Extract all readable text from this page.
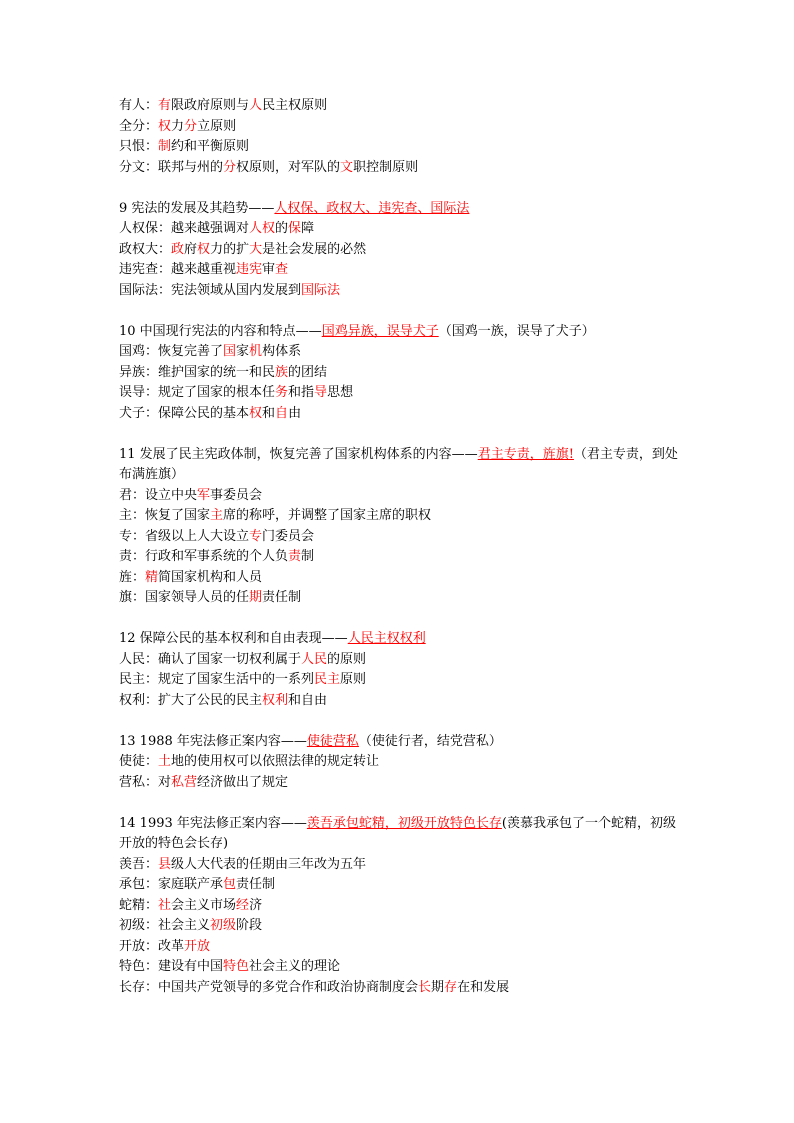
有人：有限政府原则与人民主权原则
全分：权力分立原则
只恨：制约和平衡原则
分文：联邦与州的分权原则，对军队的文职控制原则
9 宪法的发展及其趋势——人权保、政权大、违宪查、国际法
人权保：越来越强调对人权的保障
政权大：政府权力的扩大是社会发展的必然
违宪查：越来越重视违宪审查
国际法：宪法领域从国内发展到国际法
10 中国现行宪法的内容和特点——国鸡异族，误导犬子（国鸡一族，误导了犬子）
国鸡：恢复完善了国家机构体系
异族：维护国家的统一和民族的团结
误导：规定了国家的根本任务和指导思想
犬子：保障公民的基本权和自由
11 发展了民主宪政体制，恢复完善了国家机构体系的内容——君主专责，旌旗!（君主专责，到处布满旌旗）
君：设立中央军事委员会
主：恢复了国家主席的称呼，并调整了国家主席的职权
专：省级以上人大设立专门委员会
责：行政和军事系统的个人负责制
旌：精简国家机构和人员
旗：国家领导人员的任期责任制
12 保障公民的基本权利和自由表现——人民主权权利
人民：确认了国家一切权利属于人民的原则
民主：规定了国家生活中的一系列民主原则
权利：扩大了公民的民主权利和自由
13 1988 年宪法修正案内容——使徒营私（使徒行者，结党营私）
使徒：土地的使用权可以依照法律的规定转让
营私：对私营经济做出了规定
14 1993 年宪法修正案内容——羡吾承包蛇精，初级开放特色长存(羡慕我承包了一个蛇精，初级开放的特色会长存)
羡吾：县级人大代表的任期由三年改为五年
承包：家庭联产承包责任制
蛇精：社会主义市场经济
初级：社会主义初级阶段
开放：改革开放
特色：建设有中国特色社会主义的理论
长存：中国共产党领导的多党合作和政治协商制度会长期存在和发展
